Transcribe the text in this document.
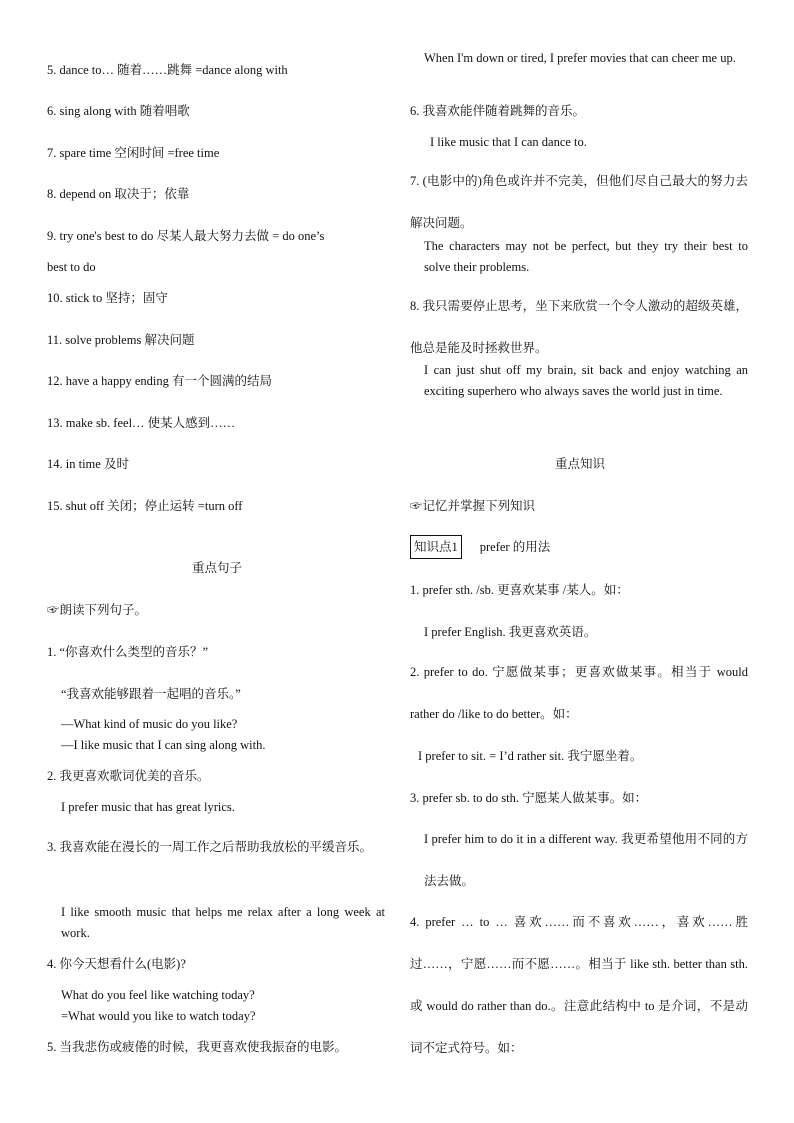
5. dance to… 随着……跳舞 =dance along with
6. sing along with 随着唱歌
7. spare time 空闲时间 =free time
8. depend on 取决于；依靠
9. try one's best to do 尽某人最大努力去做 = do one’s
best to do
10. stick to 坚持；固守
11. solve problems 解决问题
12. have a happy ending 有一个圆满的结局
13. make sb. feel… 使某人感到……
14. in time 及时
15. shut off 关闭；停止运转 =turn off
重点句子
☞朗读下列句子。
1. “你喜欢什么类型的音乐？”
“我喜欢能够跟着一起唱的音乐。”
—What kind of music do you like?
—I like music that I can sing along with.
2. 我更喜欢歌词优美的音乐。
I prefer music that has great lyrics.
3. 我喜欢能在漫长的一周工作之后帮助我放松的平缓音乐。
I like smooth music that helps me relax after a long week at work.
4. 你今天想看什么(电影)?
What do you feel like watching today?
=What would you like to watch today?
5. 当我悲伤或疲倦的时候，我更喜欢使我振奋的电影。
When I'm down or tired, I prefer movies that can cheer me up.
6. 我喜欢能伴随着跳舞的音乐。
I like music that I can dance to.
7. (电影中的)角色或许并不完美，但他们尽自己最大的努力去解决问题。
The characters may not be perfect, but they try their best to solve their problems.
8. 我只需要停止思考，坐下来欣赏一个令人激动的超级英雄，他总是能及时拯救世界。
I can just shut off my brain, sit back and enjoy watching an exciting superhero who always saves the world just in time.
重点知识
☞记忆并掌握下列知识
知识点1 prefer 的用法
1. prefer sth. /sb. 更喜欢某事 /某人。如：
I prefer English. 我更喜欢英语。
2. prefer to do. 宁愿做某事；更喜欢做某事。相当于 would rather do /like to do better。如：
I prefer to sit. = I’d rather sit. 我宁愿坐着。
3. prefer sb. to do sth. 宁愿某人做某事。如：
I prefer him to do it in a different way. 我更希望他用不同的方法去做。
4. prefer … to … 喜欢……而不喜欢……，喜欢……胜过……，宁愿……而不愿……。相当于 like sth. better than sth.或 would do rather than do.。注意此结构中 to 是介词，不是动词不定式符号。如：
